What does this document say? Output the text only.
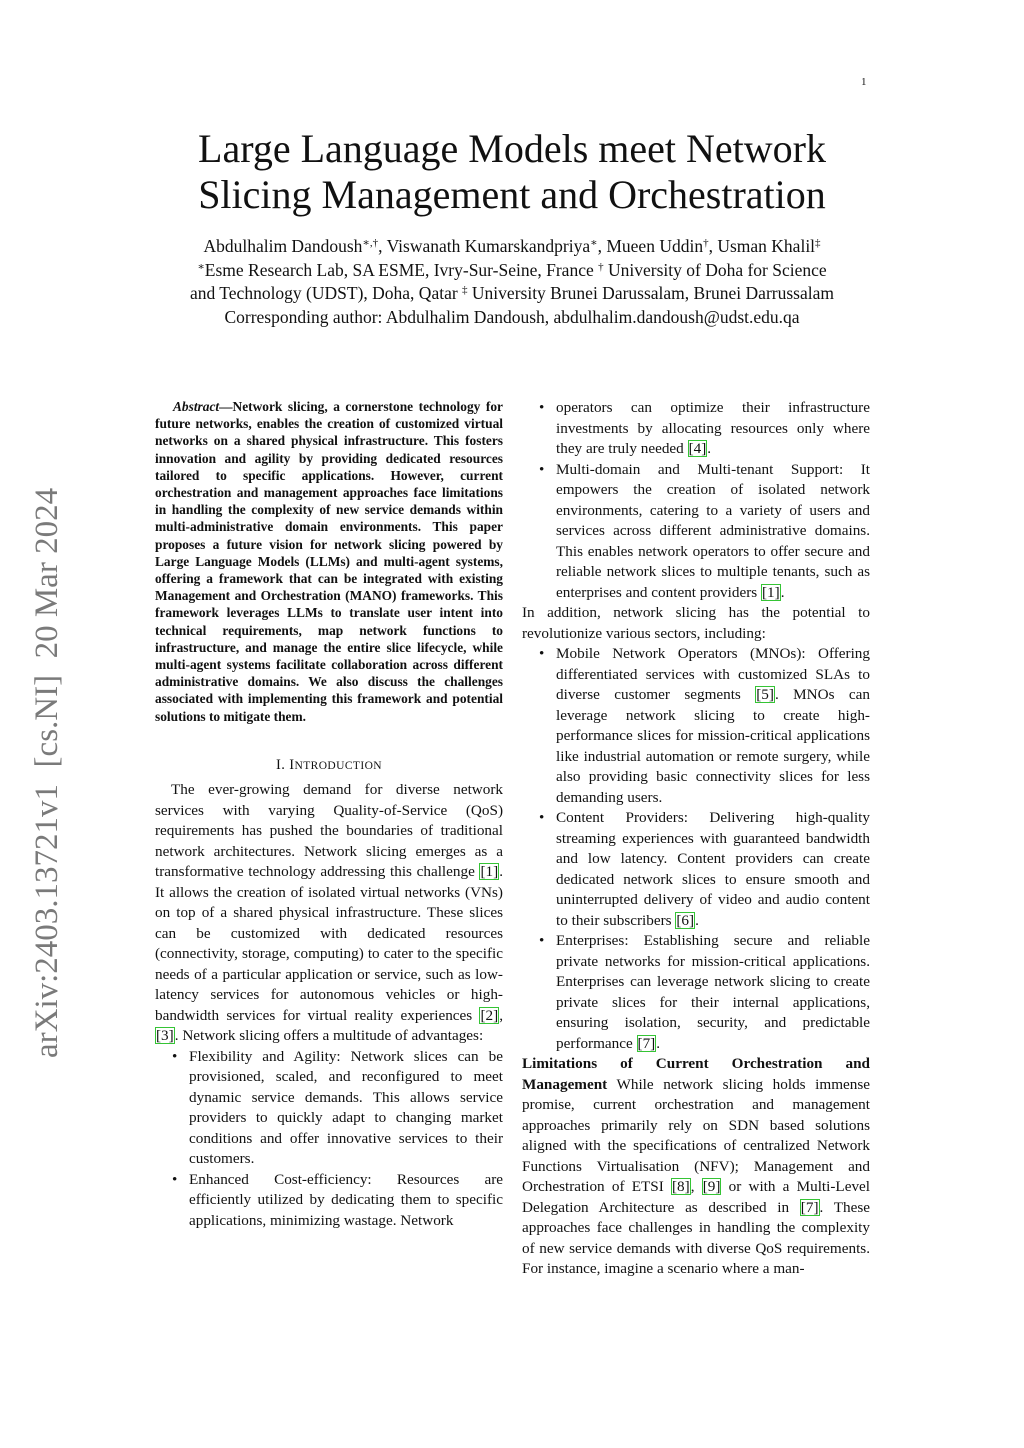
1
arXiv:2403.13721v1  [cs.NI]  20 Mar 2024
Large Language Models meet Network
Slicing Management and Orchestration
Abdulhalim Dandoush∗,†, Viswanath Kumarskandpriya∗, Mueen Uddin†, Usman Khalil‡
∗Esme Research Lab, SA ESME, Ivry-Sur-Seine, France † University of Doha for Science
and Technology (UDST), Doha, Qatar ‡ University Brunei Darussalam, Brunei Darrussalam
Corresponding author: Abdulhalim Dandoush, abdulhalim.dandoush@udst.edu.qa

Abstract—Network slicing, a cornerstone technology for future networks, enables the creation of customized virtual networks on a shared physical infrastructure. This fosters innovation and agility by providing dedicated resources tailored to specific applications. However, current orchestration and management approaches face limitations in handling the complexity of new service demands within multi-administrative domain environments. This paper proposes a future vision for network slicing powered by Large Language Models (LLMs) and multi-agent systems, offering a framework that can be integrated with existing Management and Orchestration (MANO) frameworks. This framework leverages LLMs to translate user intent into technical requirements, map network functions to infrastructure, and manage the entire slice lifecycle, while multi-agent systems facilitate collaboration across different administrative domains. We also discuss the challenges associated with implementing this framework and potential solutions to mitigate them.

I. INTRODUCTION

The ever-growing demand for diverse network services with varying Quality-of-Service (QoS) requirements has pushed the boundaries of traditional network architectures. Network slicing emerges as a transformative technology addressing this challenge [1]. It allows the creation of isolated virtual networks (VNs) on top of a shared physical infrastructure. These slices can be customized with dedicated resources (connectivity, storage, computing) to cater to the specific needs of a particular application or service, such as low-latency services for autonomous vehicles or high-bandwidth services for virtual reality experiences [2], [3]. Network slicing offers a multitude of advantages:

• Flexibility and Agility: Network slices can be provisioned, scaled, and reconfigured to meet dynamic service demands. This allows service providers to quickly adapt to changing market conditions and offer innovative services to their customers.
• Enhanced Cost-efficiency: Resources are efficiently utilized by dedicating them to specific applications, minimizing wastage. Network
• operators can optimize their infrastructure investments by allocating resources only where they are truly needed [4].
• Multi-domain and Multi-tenant Support: It empowers the creation of isolated network environments, catering to a variety of users and services across different administrative domains. This enables network operators to offer secure and reliable network slices to multiple tenants, such as enterprises and content providers [1].

In addition, network slicing has the potential to revolutionize various sectors, including:

• Mobile Network Operators (MNOs): Offering differentiated services with customized SLAs to diverse customer segments [5]. MNOs can leverage network slicing to create high-performance slices for mission-critical applications like industrial automation or remote surgery, while also providing basic connectivity slices for less demanding users.
• Content Providers: Delivering high-quality streaming experiences with guaranteed bandwidth and low latency. Content providers can create dedicated network slices to ensure smooth and uninterrupted delivery of video and audio content to their subscribers [6].
• Enterprises: Establishing secure and reliable private networks for mission-critical applications. Enterprises can leverage network slicing to create private slices for their internal applications, ensuring isolation, security, and predictable performance [7].

Limitations of Current Orchestration and Management While network slicing holds immense promise, current orchestration and management approaches primarily rely on SDN based solutions aligned with the specifications of centralized Network Functions Virtualisation (NFV); Management and Orchestration of ETSI [8], [9] or with a Multi-Level Delegation Architecture as described in [7]. These approaches face challenges in handling the complexity of new service demands with diverse QoS requirements. For instance, imagine a scenario where a man-
